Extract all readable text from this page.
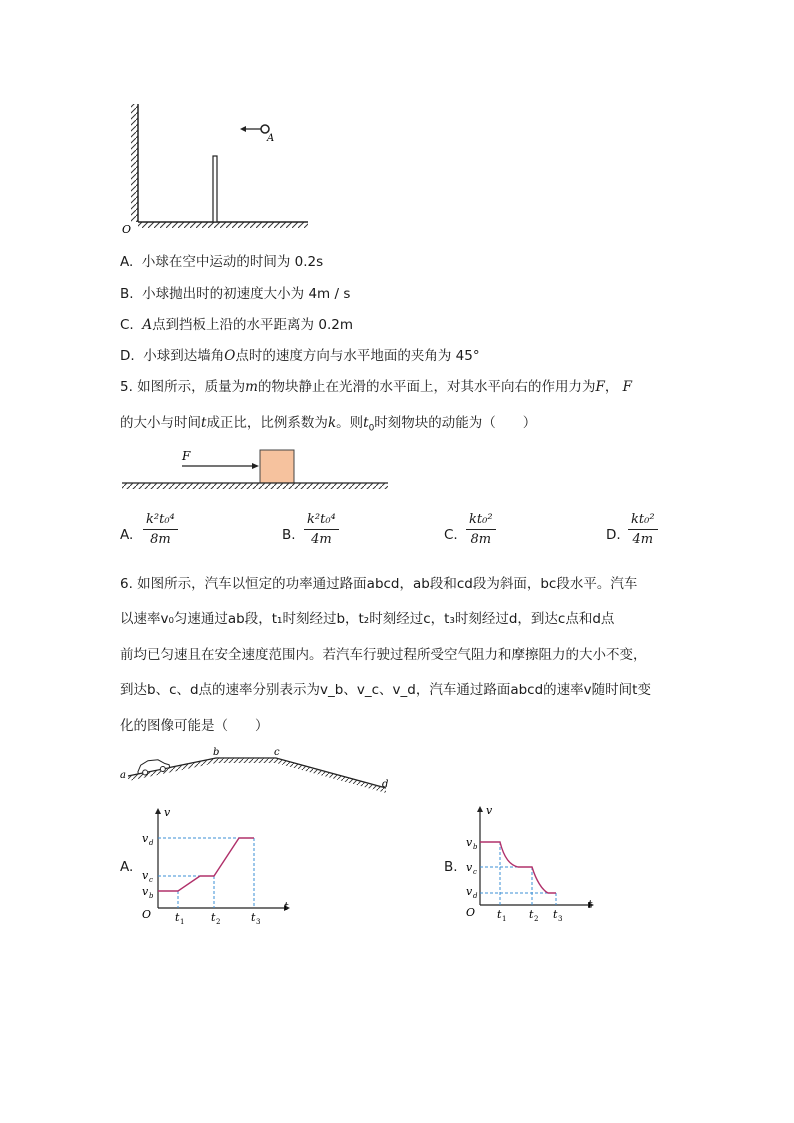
A
O
A. 小球在空中运动的时间为 0.2s
B. 小球抛出时的初速度大小为 4m / s
C. A点到挡板上沿的水平距离为 0.2m
D. 小球到达墙角O点时的速度方向与水平地面的夹角为 45°
5. 如图所示，质量为m的物块静止在光滑的水平面上，对其水平向右的作用力为F， F
的大小与时间t成正比，比例系数为k。则$t_0$时刻物块的动能为（　　）
F
A. $\frac{\text{k²t₀⁴}}{8m}$	B. $\frac{\text{k²t₀⁴}}{4m}$	C. $\frac{\text{kt₀²}}{8m}$	D. $\frac{\text{kt₀²}}{4m}$
6. 如图所示，汽车以恒定的功率通过路面abcd，ab段和cd段为斜面，bc段水平。汽车
以速率v₀匀速通过ab段，t₁时刻经过b，t₂时刻经过c，t₃时刻经过d，到达c点和d点
前均已匀速且在安全速度范围内。若汽车行驶过程所受空气阻力和摩擦阻力的大小不变，
到达b、c、d点的速率分别表示为v_b、v_c、v_d，汽车通过路面abcd的速率v随时间t变
化的图像可能是（　　）
a
b	c
d
A.
v
t
O
v d
v c
v b
t 1 t 2	t 3
B.
v
t
O
v b
v c
v d
t 1 t 2 t 3
